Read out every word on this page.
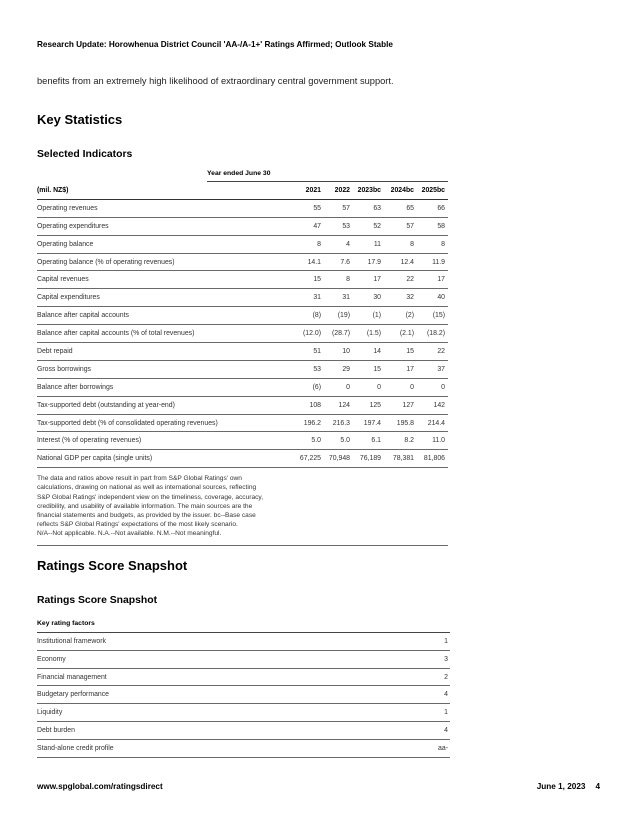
Research Update: Horowhenua District Council 'AA-/A-1+' Ratings Affirmed; Outlook Stable
benefits from an extremely high likelihood of extraordinary central government support.
Key Statistics
Selected Indicators
Year ended June 30
(mil. NZ$)	2021	2022	2023bc	2024bc	2025bc
Operating revenues	55	57	63	65	66
Operating expenditures	47	53	52	57	58
Operating balance	8	4	11	8	8
Operating balance (% of operating revenues)	14.1	7.6	17.9	12.4	11.9
Capital revenues	15	8	17	22	17
Capital expenditures	31	31	30	32	40
Balance after capital accounts	(8)	(19)	(1)	(2)	(15)
Balance after capital accounts (% of total revenues)	(12.0)	(28.7)	(1.5)	(2.1)	(18.2)
Debt repaid	51	10	14	15	22
Gross borrowings	53	29	15	17	37
Balance after borrowings	(6)	0	0	0	0
Tax-supported debt (outstanding at year-end)	108	124	125	127	142
Tax-supported debt (% of consolidated operating revenues)	196.2	216.3	197.4	195.8	214.4
Interest (% of operating revenues)	5.0	5.0	6.1	8.2	11.0
National GDP per capita (single units)	67,225	70,948	76,189	78,381	81,806
The data and ratios above result in part from S&P Global Ratings' own
calculations, drawing on national as well as international sources, reflecting
S&P Global Ratings' independent view on the timeliness, coverage, accuracy,
credibility, and usability of available information. The main sources are the
financial statements and budgets, as provided by the issuer. bc--Base case
reflects S&P Global Ratings' expectations of the most likely scenario.
N/A--Not applicable. N.A.--Not available. N.M.--Not meaningful.
Ratings Score Snapshot
Ratings Score Snapshot
Key rating factors
Institutional framework	1
Economy	3
Financial management	2
Budgetary performance	4
Liquidity	1
Debt burden	4
Stand-alone credit profile	aa-
www.spglobal.com/ratingsdirect	June 1, 2023 4
